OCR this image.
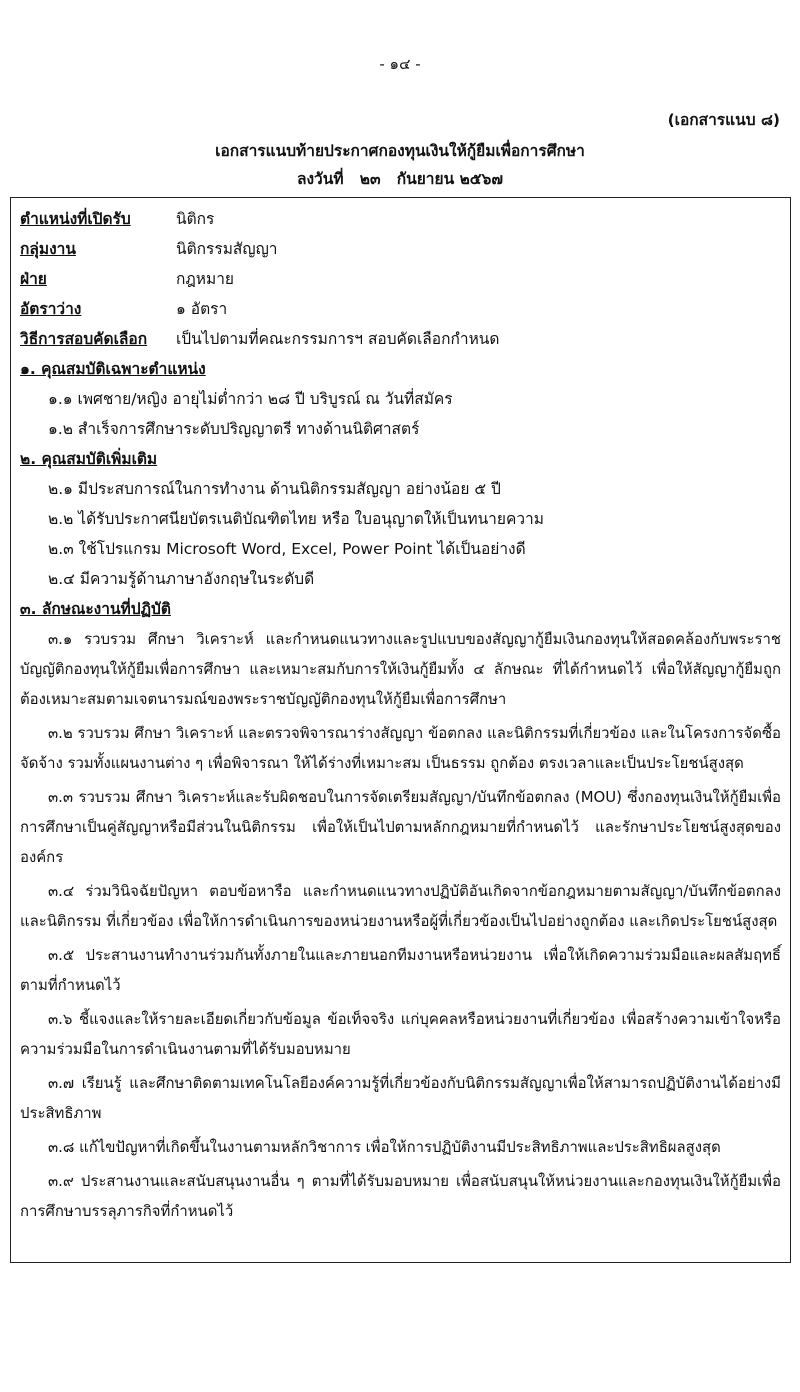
- ๑๔ -
(เอกสารแนบ ๘)
เอกสารแนบท้ายประกาศกองทุนเงินให้กู้ยืมเพื่อการศึกษา
ลงวันที่   ๒๓   กันยายน ๒๕๖๗
ตำแหน่งที่เปิดรับ	นิติกร
กลุ่มงาน	นิติกรรมสัญญา
ฝ่าย	กฎหมาย
อัตราว่าง	๑ อัตรา
วิธีการสอบคัดเลือก	เป็นไปตามที่คณะกรรมการฯ สอบคัดเลือกกำหนด
๑. คุณสมบัติเฉพาะตำแหน่ง
๑.๑ เพศชาย/หญิง อายุไม่ต่ำกว่า ๒๘ ปี บริบูรณ์ ณ วันที่สมัคร
๑.๒ สำเร็จการศึกษาระดับปริญญาตรี ทางด้านนิติศาสตร์
๒. คุณสมบัติเพิ่มเติม
๒.๑ มีประสบการณ์ในการทำงาน ด้านนิติกรรมสัญญา อย่างน้อย ๕ ปี
๒.๒ ได้รับประกาศนียบัตรเนติบัณฑิตไทย หรือ ใบอนุญาตให้เป็นทนายความ
๒.๓ ใช้โปรแกรม Microsoft Word, Excel, Power Point ได้เป็นอย่างดี
๒.๔ มีความรู้ด้านภาษาอังกฤษในระดับดี
๓. ลักษณะงานที่ปฏิบัติ

๓.๑ รวบรวม ศึกษา วิเคราะห์ และกำหนดแนวทางและรูปแบบของสัญญากู้ยืมเงินกองทุนให้สอดคล้องกับพระราชบัญญัติกองทุนให้กู้ยืมเพื่อการศึกษา และเหมาะสมกับการให้เงินกู้ยืมทั้ง ๔ ลักษณะ ที่ได้กำหนดไว้ เพื่อให้สัญญากู้ยืมถูกต้องเหมาะสมตามเจตนารมณ์ของพระราชบัญญัติกองทุนให้กู้ยืมเพื่อการศึกษา

๓.๒ รวบรวม ศึกษา วิเคราะห์ และตรวจพิจารณาร่างสัญญา ข้อตกลง และนิติกรรมที่เกี่ยวข้อง และในโครงการจัดซื้อจัดจ้าง รวมทั้งแผนงานต่าง ๆ เพื่อพิจารณา ให้ได้ร่างที่เหมาะสม เป็นธรรม ถูกต้อง ตรงเวลาและเป็นประโยชน์สูงสุด

๓.๓ รวบรวม ศึกษา วิเคราะห์และรับผิดชอบในการจัดเตรียมสัญญา/บันทึกข้อตกลง (MOU) ซึ่งกองทุนเงินให้กู้ยืมเพื่อการศึกษาเป็นคู่สัญญาหรือมีส่วนในนิติกรรม เพื่อให้เป็นไปตามหลักกฎหมายที่กำหนดไว้ และรักษาประโยชน์สูงสุดขององค์กร

๓.๔ ร่วมวินิจฉัยปัญหา ตอบข้อหารือ และกำหนดแนวทางปฏิบัติอันเกิดจากข้อกฎหมายตามสัญญา/บันทึกข้อตกลง และนิติกรรม ที่เกี่ยวข้อง เพื่อให้การดำเนินการของหน่วยงานหรือผู้ที่เกี่ยวข้องเป็นไปอย่างถูกต้อง และเกิดประโยชน์สูงสุด

๓.๕ ประสานงานทำงานร่วมกันทั้งภายในและภายนอกทีมงานหรือหน่วยงาน เพื่อให้เกิดความร่วมมือและผลสัมฤทธิ์ตามที่กำหนดไว้

๓.๖ ชี้แจงและให้รายละเอียดเกี่ยวกับข้อมูล ข้อเท็จจริง แก่บุคคลหรือหน่วยงานที่เกี่ยวข้อง เพื่อสร้างความเข้าใจหรือความร่วมมือในการดำเนินงานตามที่ได้รับมอบหมาย

๓.๗ เรียนรู้ และศึกษาติดตามเทคโนโลยีองค์ความรู้ที่เกี่ยวข้องกับนิติกรรมสัญญาเพื่อให้สามารถปฏิบัติงานได้อย่างมีประสิทธิภาพ

๓.๘ แก้ไขปัญหาที่เกิดขึ้นในงานตามหลักวิชาการ เพื่อให้การปฏิบัติงานมีประสิทธิภาพและประสิทธิผลสูงสุด

๓.๙ ประสานงานและสนับสนุนงานอื่น ๆ ตามที่ได้รับมอบหมาย เพื่อสนับสนุนให้หน่วยงานและกองทุนเงินให้กู้ยืมเพื่อการศึกษาบรรลุภารกิจที่กำหนดไว้
